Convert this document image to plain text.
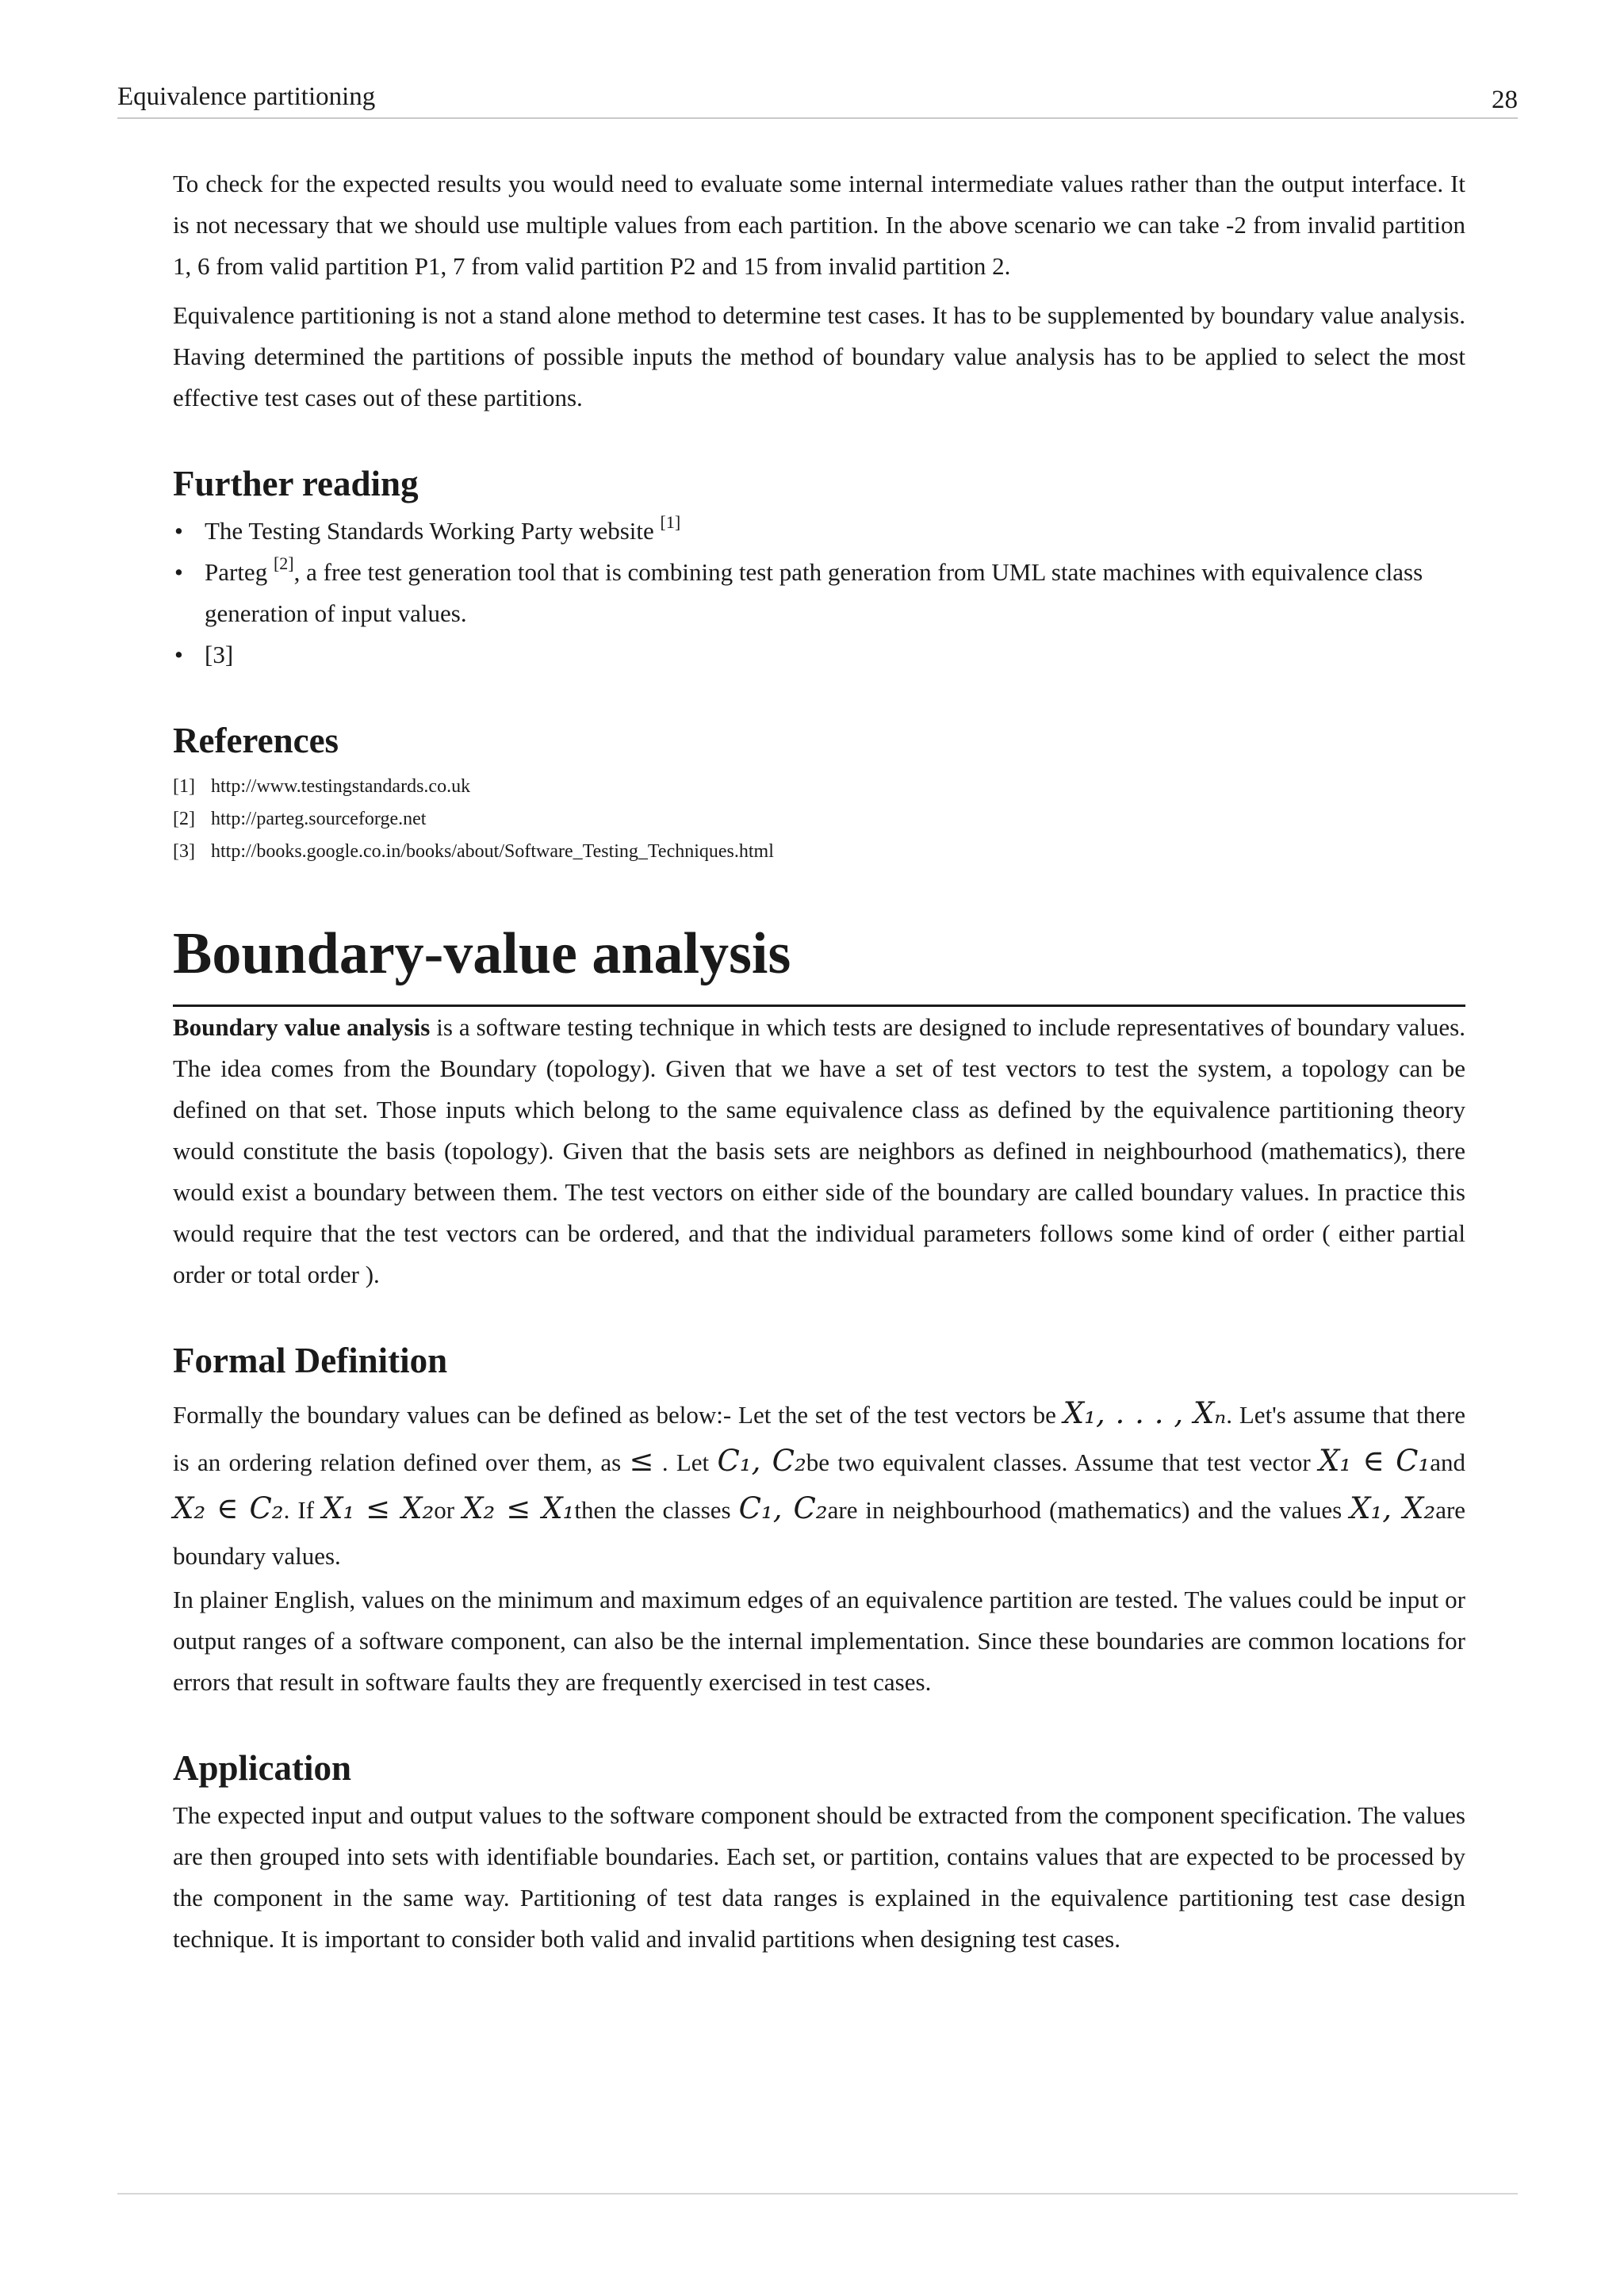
Equivalence partitioning	28

To check for the expected results you would need to evaluate some internal intermediate values rather than the output interface. It is not necessary that we should use multiple values from each partition. In the above scenario we can take -2 from invalid partition 1, 6 from valid partition P1, 7 from valid partition P2 and 15 from invalid partition 2.

Equivalence partitioning is not a stand alone method to determine test cases. It has to be supplemented by boundary value analysis. Having determined the partitions of possible inputs the method of boundary value analysis has to be applied to select the most effective test cases out of these partitions.

Further reading
• The Testing Standards Working Party website [1]
• Parteg [2], a free test generation tool that is combining test path generation from UML state machines with equivalence class generation of input values.
• [3]
References
[1] http://www.testingstandards.co.uk
[2] http://parteg.sourceforge.net
[3] http://books.google.co.in/books/about/Software_Testing_Techniques.html
Boundary-value analysis

Boundary value analysis is a software testing technique in which tests are designed to include representatives of boundary values. The idea comes from the Boundary (topology). Given that we have a set of test vectors to test the system, a topology can be defined on that set. Those inputs which belong to the same equivalence class as defined by the equivalence partitioning theory would constitute the basis (topology). Given that the basis sets are neighbors as defined in neighbourhood (mathematics), there would exist a boundary between them. The test vectors on either side of the boundary are called boundary values. In practice this would require that the test vectors can be ordered, and that the individual parameters follows some kind of order ( either partial order or total order ).

Formal Definition

Formally the boundary values can be defined as below:- Let the set of the test vectors be X₁, . . . , Xₙ. Let's assume that there is an ordering relation defined over them, as ≤ . Let C₁, C₂be two equivalent classes. Assume that test vector X₁ ∈ C₁and X₂ ∈ C₂. If X₁ ≤ X₂or X₂ ≤ X₁then the classes C₁, C₂are in neighbourhood (mathematics) and the values X₁, X₂are boundary values.

In plainer English, values on the minimum and maximum edges of an equivalence partition are tested. The values could be input or output ranges of a software component, can also be the internal implementation. Since these boundaries are common locations for errors that result in software faults they are frequently exercised in test cases.

Application

The expected input and output values to the software component should be extracted from the component specification. The values are then grouped into sets with identifiable boundaries. Each set, or partition, contains values that are expected to be processed by the component in the same way. Partitioning of test data ranges is explained in the equivalence partitioning test case design technique. It is important to consider both valid and invalid partitions when designing test cases.
